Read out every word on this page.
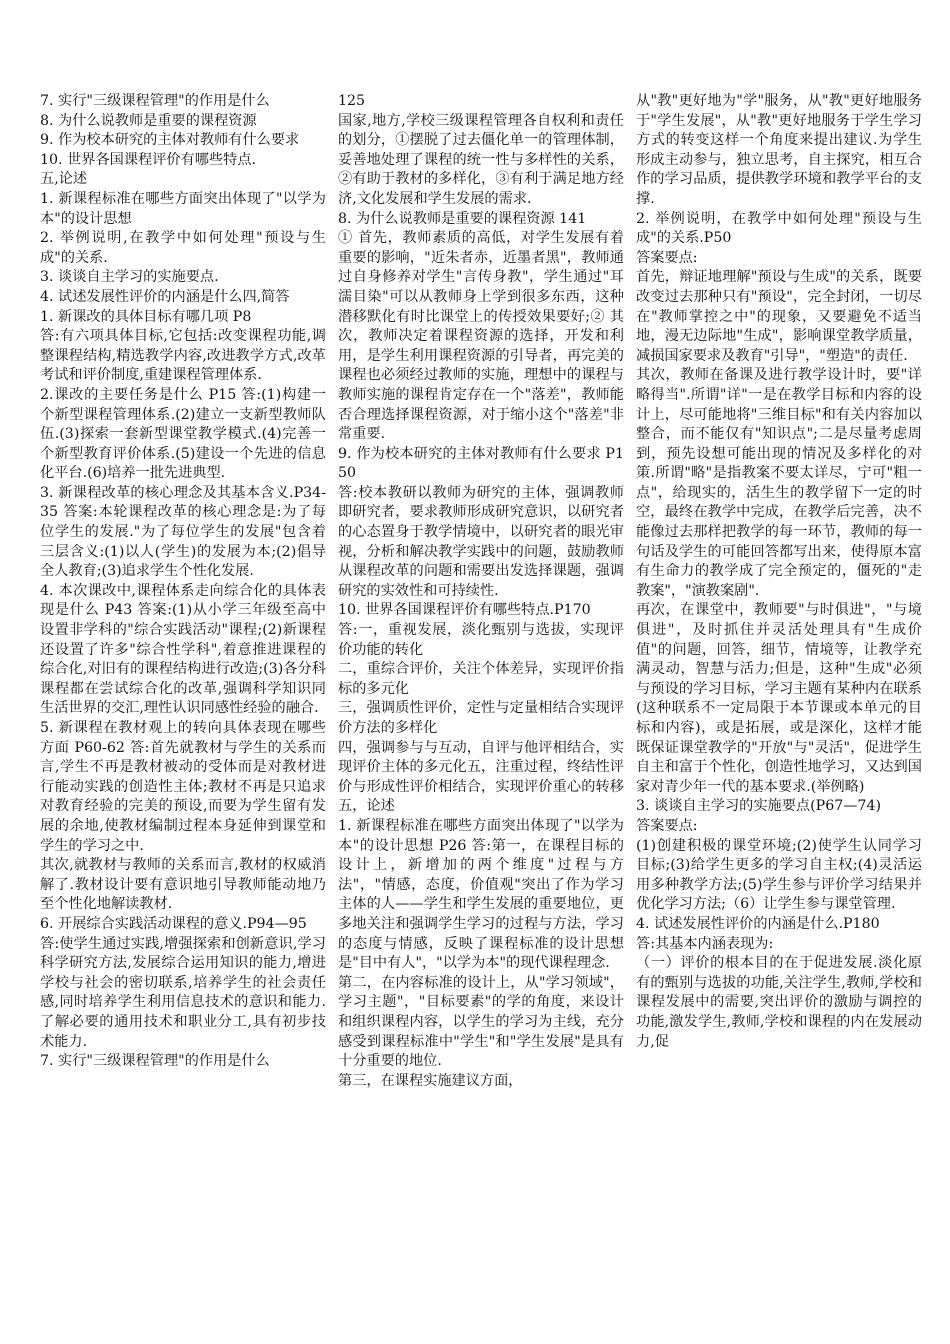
7. 实行"三级课程管理"的作用是什么

8. 为什么说教师是重要的课程资源

9. 作为校本研究的主体对教师有什么要求

10. 世界各国课程评价有哪些特点.

五,论述

1. 新课程标准在哪些方面突出体现了"以学为本"的设计思想

2. 举例说明,在教学中如何处理"预设与生成"的关系.

3. 谈谈自主学习的实施要点.

4. 试述发展性评价的内涵是什么四,简答

1. 新课改的具体目标有哪几项 P8

答:有六项具体目标,它包括:改变课程功能,调整课程结构,精选教学内容,改进教学方式,改革考试和评价制度,重建课程管理体系.

2.课改的主要任务是什么 P15 答:(1)构建一个新型课程管理体系.(2)建立一支新型教师队伍.(3)探索一套新型课堂教学模式.(4)完善一个新型教育评价体系.(5)建设一个先进的信息化平台.(6)培养一批先进典型.

3. 新课程改革的核心理念及其基本含义.P34-35 答案:本轮课程改革的核心理念是:为了每位学生的发展."为了每位学生的发展"包含着三层含义:(1)以人(学生)的发展为本;(2)倡导全人教育;(3)追求学生个性化发展.

4. 本次课改中,课程体系走向综合化的具体表现是什么 P43 答案:(1)从小学三年级至高中设置非学科的"综合实践活动"课程;(2)新课程还设置了许多"综合性学科",着意推进课程的综合化,对旧有的课程结构进行改造;(3)各分科课程都在尝试综合化的改革,强调科学知识同生活世界的交汇,理性认识同感性经验的融合.

5. 新课程在教材观上的转向具体表现在哪些方面 P60-62 答:首先就教材与学生的关系而言,学生不再是教材被动的受体而是对教材进行能动实践的创造性主体;教材不再是只追求对教育经验的完美的预设,而要为学生留有发展的余地,使教材编制过程本身延伸到课堂和学生的学习之中.

其次,就教材与教师的关系而言,教材的权威消解了.教材设计要有意识地引导教师能动地乃至个性化地解读教材.

6. 开展综合实践活动课程的意义.P94—95

答:使学生通过实践,增强探索和创新意识,学习科学研究方法,发展综合运用知识的能力,增进学校与社会的密切联系,培养学生的社会责任感,同时培养学生利用信息技术的意识和能力.了解必要的通用技术和职业分工,具有初步技术能力.

7. 实行"三级课程管理"的作用是什么

125

国家,地方,学校三级课程管理各自权利和责任的划分，①摆脱了过去僵化单一的管理体制，妥善地处理了课程的统一性与多样性的关系，②有助于教材的多样化，③有利于满足地方经济,文化发展和学生发展的需求.

8. 为什么说教师是重要的课程资源 141

① 首先，教师素质的高低，对学生发展有着重要的影响，"近朱者赤，近墨者黑"，教师通过自身修养对学生"言传身教"，学生通过"耳濡目染"可以从教师身上学到很多东西，这种潜移默化有时比课堂上的传授效果要好;② 其次，教师决定着课程资源的选择，开发和利用，是学生利用课程资源的引导者，再完美的课程也必须经过教师的实施，理想中的课程与教师实施的课程肯定存在一个"落差"，教师能否合理选择课程资源，对于缩小这个"落差"非常重要.

9. 作为校本研究的主体对教师有什么要求 P150

答:校本教研以教师为研究的主体，强调教师即研究者，要求教师形成研究意识，以研究者的心态置身于教学情境中，以研究者的眼光审视，分析和解决教学实践中的问题，鼓励教师从课程改革的问题和需要出发选择课题，强调研究的实效性和可持续性.

10. 世界各国课程评价有哪些特点.P170

答:一，重视发展，淡化甄别与选拔，实现评价功能的转化

二，重综合评价，关注个体差异，实现评价指标的多元化

三，强调质性评价，定性与定量相结合实现评价方法的多样化

四，强调参与与互动，自评与他评相结合，实现评价主体的多元化五，注重过程，终结性评价与形成性评价相结合，实现评价重心的转移五，论述

1. 新课程标准在哪些方面突出体现了"以学为本"的设计思想 P26 答:第一，在课程目标的设计上，新增加的两个维度"过程与方法"，"情感，态度，价值观"突出了作为学习主体的人——学生和学生发展的重要地位，更多地关注和强调学生学习的过程与方法，学习的态度与情感，反映了课程标准的设计思想是"目中有人"，"以学为本"的现代课程理念.

第二，在内容标准的设计上，从"学习领域"，学习主题"，"目标要素"的学的角度，来设计和组织课程内容，以学生的学习为主线，充分感受到课程标准中"学生"和"学生发展"是具有十分重要的地位.

第三，在课程实施建议方面，

从"教"更好地为"学"服务，从"教"更好地服务于"学生发展"，从"教"更好地服务于学生学习方式的转变这样一个角度来提出建议.为学生形成主动参与，独立思考，自主探究，相互合作的学习品质，提供教学环境和教学平台的支撑.

2. 举例说明，在教学中如何处理"预设与生成"的关系.P50

答案要点:

首先，辩证地理解"预设与生成"的关系，既要改变过去那种只有"预设"，完全封闭，一切尽在"教师掌控之中"的现象，又要避免不适当地，漫无边际地"生成"，影响课堂教学质量，减损国家要求及教育"引导"，"塑造"的责任.

其次，教师在备课及进行教学设计时，要"详略得当".所谓"详"一是在教学目标和内容的设计上，尽可能地将"三维目标"和有关内容加以整合，而不能仅有"知识点";二是尽量考虑周到，预先设想可能出现的情况及多样化的对策.所谓"略"是指教案不要太详尽，宁可"粗一点"，给现实的，活生生的教学留下一定的时空，最终在教学中完成，在教学后完善，决不能像过去那样把教学的每一环节，教师的每一句话及学生的可能回答都写出来，使得原本富有生命力的教学成了完全预定的，僵死的"走教案"，"演教案剧".

再次，在课堂中，教师要"与时俱进"，"与境俱进"，及时抓住并灵活处理具有"生成价值"的问题，回答，细节，情境等，让教学充满灵动，智慧与活力;但是，这种"生成"必须与预设的学习目标，学习主题有某种内在联系(这种联系不一定局限于本节课或本单元的目标和内容)，或是拓展，或是深化，这样才能既保证课堂教学的"开放"与"灵活"，促进学生自主和富于个性化，创造性地学习，又达到国家对青少年一代的基本要求.(举例略)

3. 谈谈自主学习的实施要点(P67—74)

答案要点:

(1)创建积极的课堂环境;(2)使学生认同学习目标;(3)给学生更多的学习自主权;(4)灵活运用多种教学方法;(5)学生参与评价学习结果并优化学习方法;（6）让学生参与课堂管理.

4. 试述发展性评价的内涵是什么.P180

答:其基本内涵表现为:

（一）评价的根本目的在于促进发展.淡化原有的甄别与选拔的功能,关注学生,教师,学校和课程发展中的需要,突出评价的激励与调控的功能,激发学生,教师,学校和课程的内在发展动力,促
